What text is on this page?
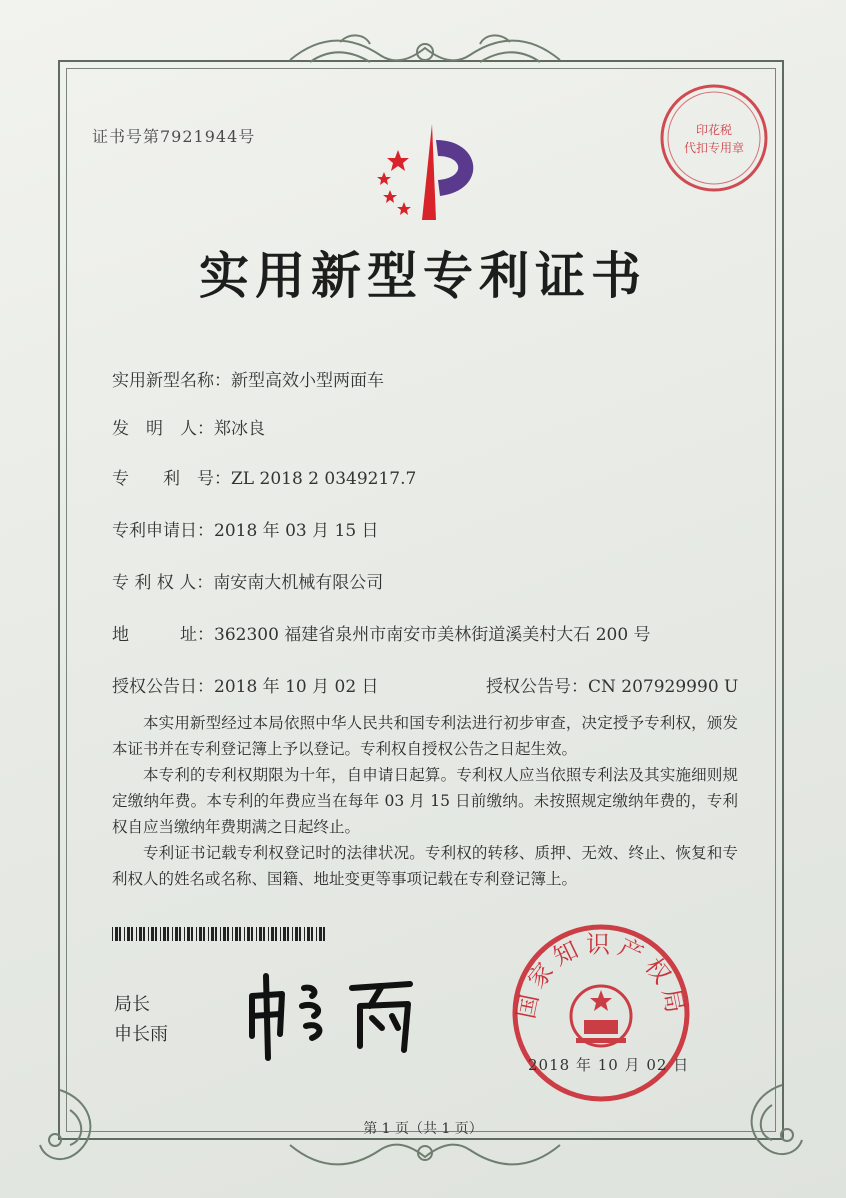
证书号第7921944号	印花税
代扣专用章
实用新型专利证书
实用新型名称：新型高效小型两面车
发　明　人：郑冰良
专　　利　号：ZL 2018 2 0349217.7
专利申请日：2018 年 03 月 15 日
专 利 权 人：南安南大机械有限公司
地　　　址：362300 福建省泉州市南安市美林街道溪美村大石 200 号
授权公告日：2018 年 10 月 02 日	授权公告号：CN 207929990 U
本实用新型经过本局依照中华人民共和国专利法进行初步审查，决定授予专利权，颁发本证书并在专利登记簿上予以登记。专利权自授权公告之日起生效。
本专利的专利权期限为十年，自申请日起算。专利权人应当依照专利法及其实施细则规定缴纳年费。本专利的年费应当在每年 03 月 15 日前缴纳。未按照规定缴纳年费的，专利权自应当缴纳年费期满之日起终止。
专利证书记载专利权登记时的法律状况。专利权的转移、质押、无效、终止、恢复和专利权人的姓名或名称、国籍、地址变更等事项记载在专利登记簿上。
局长
申长雨
国家知识产权局
2018 年 10 月 02 日
第 1 页（共 1 页）
